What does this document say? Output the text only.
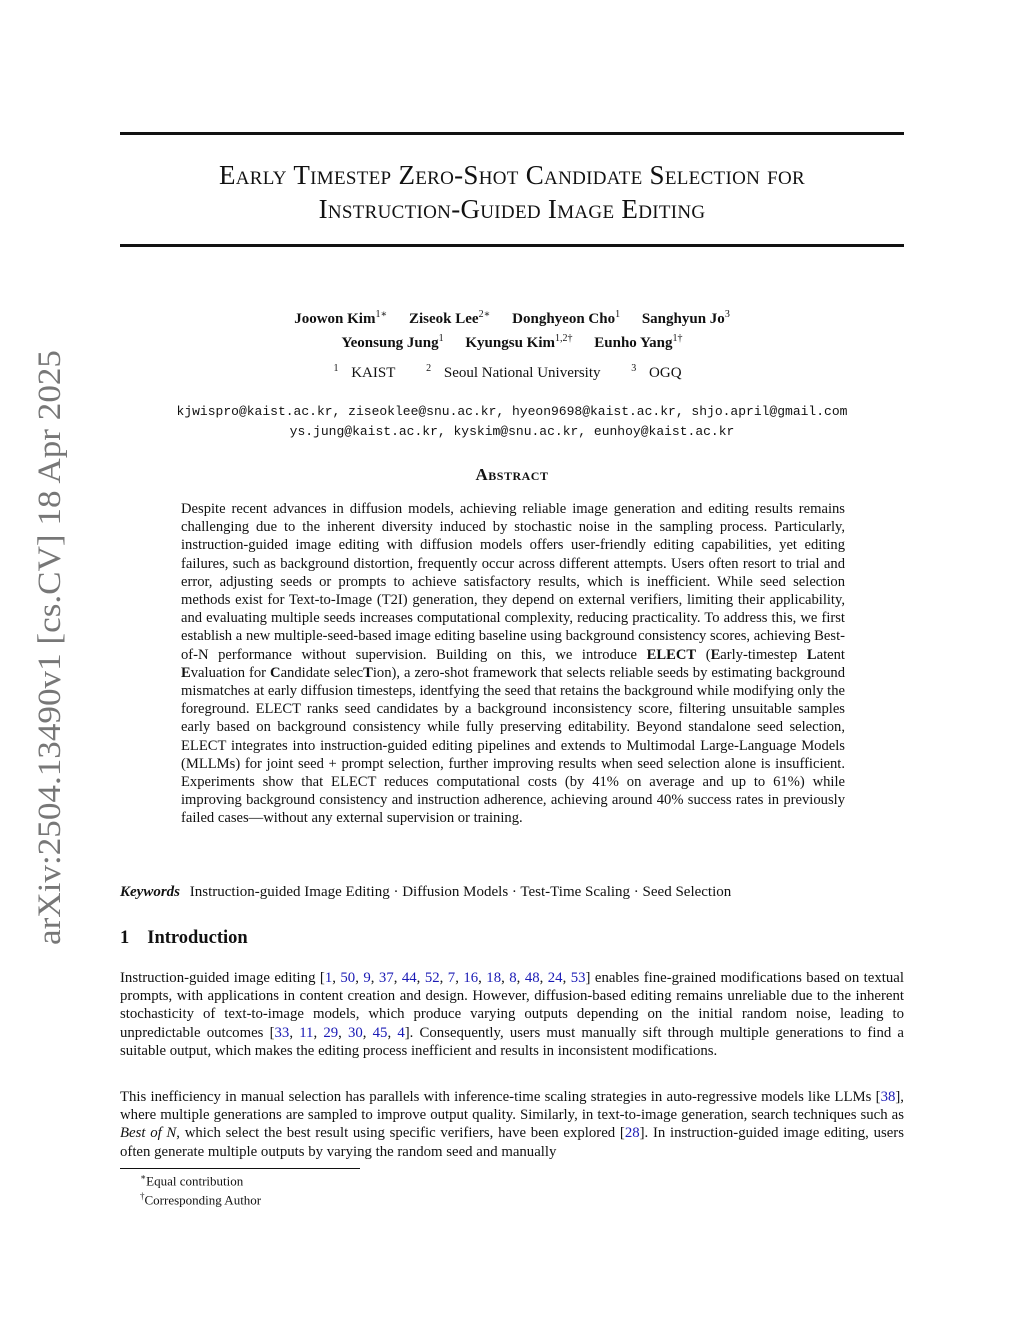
arXiv:2504.13490v1 [cs.CV] 18 Apr 2025
Early Timestep Zero-Shot Candidate Selection for
Instruction-Guided Image Editing
Joowon Kim$^{1∗}$ Ziseok Lee$^{2∗}$ Donghyeon Cho$^1$ Sanghyun Jo$^3$
Yeonsung Jung$^1$ Kyungsu Kim$^{1,2\dagger}$ Eunho Yang$^{1\dagger}$
$^1$ KAIST	$^2$ Seoul National University	$^3$ OGQ
kjwispro@kaist.ac.kr, ziseoklee@snu.ac.kr, hyeon9698@kaist.ac.kr, shjo.april@gmail.com
ys.jung@kaist.ac.kr, kyskim@snu.ac.kr, eunhoy@kaist.ac.kr
Abstract
Despite recent advances in diffusion models, achieving reliable image generation and editing results remains challenging due to the inherent diversity induced by stochastic noise in the sampling process. Particularly, instruction-guided image editing with diffusion models offers user-friendly editing capabilities, yet editing failures, such as background distortion, frequently occur across different attempts. Users often resort to trial and error, adjusting seeds or prompts to achieve satisfactory results, which is inefficient. While seed selection methods exist for Text-to-Image (T2I) generation, they depend on external verifiers, limiting their applicability, and evaluating multiple seeds increases computational complexity, reducing practicality. To address this, we first establish a new multiple-seed-based image editing baseline using background consistency scores, achieving Best-of-N performance without supervision. Building on this, we introduce ELECT (Early-timestep Latent Evaluation for Candidate selecTion), a zero-shot framework that selects reliable seeds by estimating background mismatches at early diffusion timesteps, identfying the seed that retains the background while modifying only the foreground. ELECT ranks seed candidates by a background inconsistency score, filtering unsuitable samples early based on background consistency while fully preserving editability. Beyond standalone seed selection, ELECT integrates into instruction-guided editing pipelines and extends to Multimodal Large-Language Models (MLLMs) for joint seed + prompt selection, further improving results when seed selection alone is insufficient. Experiments show that ELECT reduces computational costs (by 41% on average and up to 61%) while improving background consistency and instruction adherence, achieving around 40% success rates in previously failed cases—without any external supervision or training.
Keywords Instruction-guided Image Editing · Diffusion Models · Test-Time Scaling · Seed Selection
1 Introduction
Instruction-guided image editing [1, 50, 9, 37, 44, 52, 7, 16, 18, 8, 48, 24, 53] enables fine-grained modifications based on textual prompts, with applications in content creation and design. However, diffusion-based editing remains unreliable due to the inherent stochasticity of text-to-image models, which produce varying outputs depending on the initial random noise, leading to unpredictable outcomes [33, 11, 29, 30, 45, 4]. Consequently, users must manually sift through multiple generations to find a suitable output, which makes the editing process inefficient and results in inconsistent modifications.
This inefficiency in manual selection has parallels with inference-time scaling strategies in auto-regressive models like LLMs [38], where multiple generations are sampled to improve output quality. Similarly, in text-to-image generation, search techniques such as Best of N, which select the best result using specific verifiers, have been explored [28]. In instruction-guided image editing, users often generate multiple outputs by varying the random seed and manually
∗Equal contribution
†Corresponding Author
